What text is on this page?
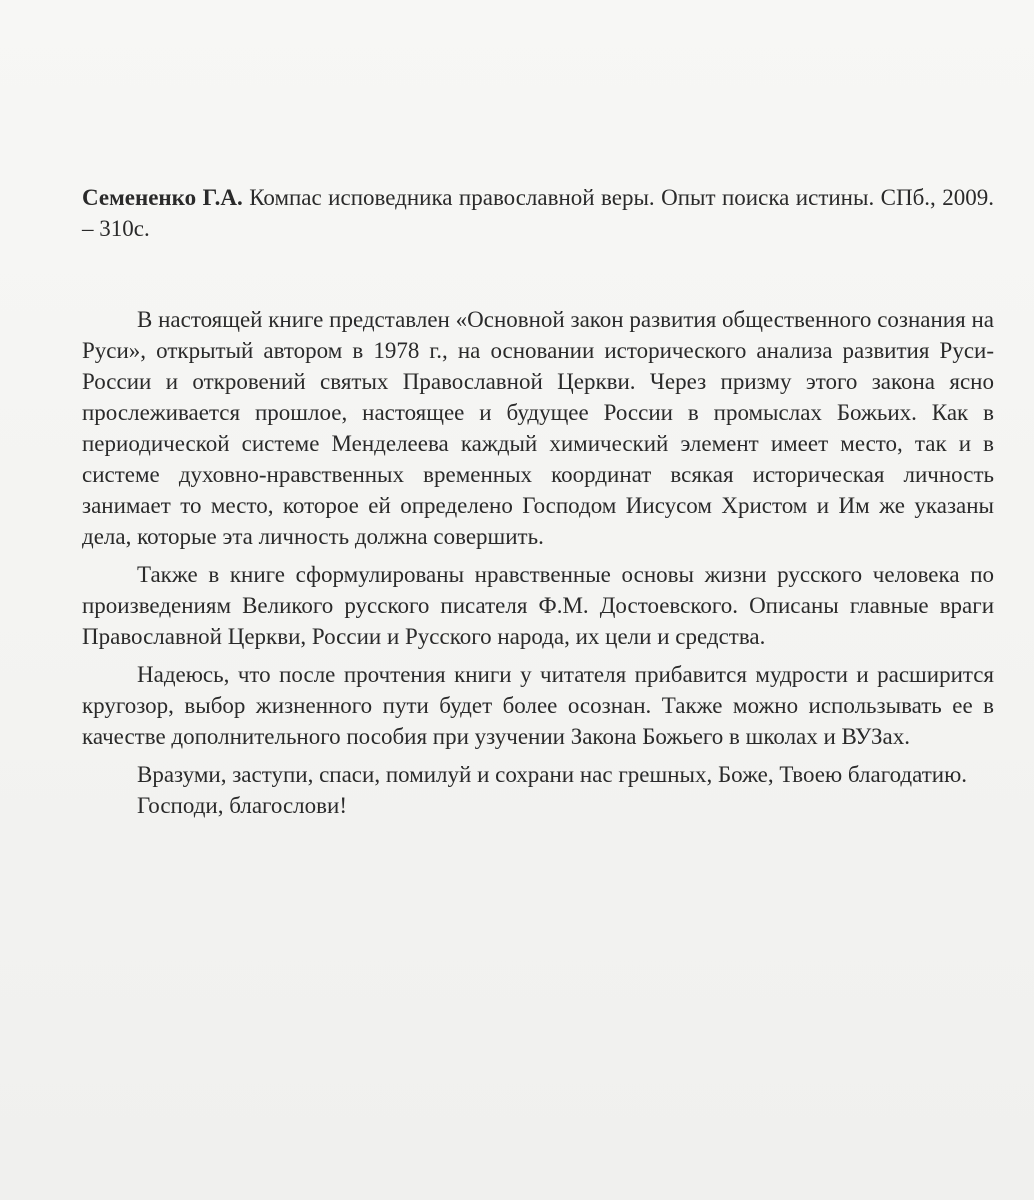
Семененко Г.А. Компас исповедника православной веры. Опыт поиска истины. СПб., 2009. – 310с.

В настоящей книге представлен «Основной закон развития общественного сознания на Руси», открытый автором в 1978 г., на основании исторического анализа развития Руси-России и откровений святых Православной Церкви. Через призму этого закона ясно прослеживается прошлое, настоящее и будущее России в промыслах Божьих. Как в периодической системе Менделеева каждый химический элемент имеет место, так и в системе духовно-нравственных временных координат всякая историческая личность занимает то место, которое ей определено Господом Иисусом Христом и Им же указаны дела, которые эта личность должна совершить.

Также в книге сформулированы нравственные основы жизни русского человека по произведениям Великого русского писателя Ф.М. Достоевского. Описаны главные враги Православной Церкви, России и Русского народа, их цели и средства.

Надеюсь, что после прочтения книги у читателя прибавится мудрости и расширится кругозор, выбор жизненного пути будет более осознан. Также можно использывать ее в качестве дополнительного пособия при узучении Закона Божьего в школах и ВУЗах.

Вразуми, заступи, спаси, помилуй и сохрани нас грешных, Боже, Твоею благодатию.

Господи, благослови!
